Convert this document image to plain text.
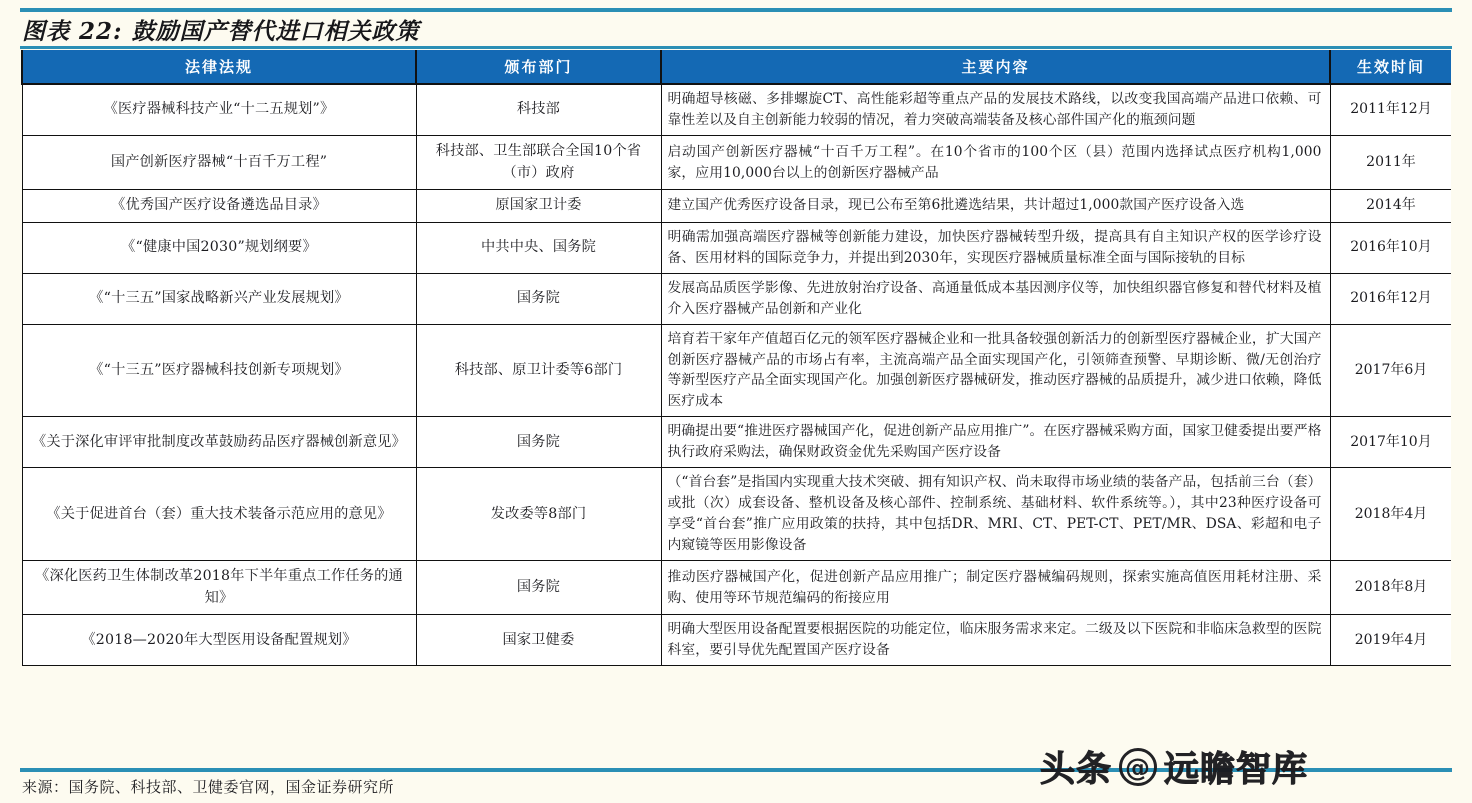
图表 22: 鼓励国产替代进口相关政策
法律法规	颁布部门	主要内容	生效时间
《医疗器械科技产业“十二五规划”》	科技部	明确超导核磁、多排螺旋CT、高性能彩超等重点产品的发展技术路线，以改变我国高端产品进口依赖、可靠性差以及自主创新能力较弱的情况，着力突破高端装备及核心部件国产化的瓶颈问题	2011年12月
国产创新医疗器械“十百千万工程”	科技部、卫生部联合全国10个省（市）政府	启动国产创新医疗器械“十百千万工程”。在10个省市的100个区（县）范围内选择试点医疗机构1,000家，应用10,000台以上的创新医疗器械产品	2011年
《优秀国产医疗设备遴选品目录》	原国家卫计委	建立国产优秀医疗设备目录，现已公布至第6批遴选结果，共计超过1,000款国产医疗设备入选	2014年
《“健康中国2030”规划纲要》	中共中央、国务院	明确需加强高端医疗器械等创新能力建设，加快医疗器械转型升级，提高具有自主知识产权的医学诊疗设备、医用材料的国际竞争力，并提出到2030年，实现医疗器械质量标准全面与国际接轨的目标	2016年10月
《“十三五”国家战略新兴产业发展规划》	国务院	发展高品质医学影像、先进放射治疗设备、高通量低成本基因测序仪等，加快组织器官修复和替代材料及植介入医疗器械产品创新和产业化	2016年12月
《“十三五”医疗器械科技创新专项规划》	科技部、原卫计委等6部门	培育若干家年产值超百亿元的领军医疗器械企业和一批具备较强创新活力的创新型医疗器械企业，扩大国产创新医疗器械产品的市场占有率，主流高端产品全面实现国产化，引领筛查预警、早期诊断、微/无创治疗等新型医疗产品全面实现国产化。加强创新医疗器械研发，推动医疗器械的品质提升，减少进口依赖，降低医疗成本	2017年6月
《关于深化审评审批制度改革鼓励药品医疗器械创新意见》	国务院	明确提出要“推进医疗器械国产化，促进创新产品应用推广”。在医疗器械采购方面，国家卫健委提出要严格执行政府采购法，确保财政资金优先采购国产医疗设备	2017年10月
《关于促进首台（套）重大技术装备示范应用的意见》	发改委等8部门	（“首台套”是指国内实现重大技术突破、拥有知识产权、尚未取得市场业绩的装备产品，包括前三台（套）或批（次）成套设备、整机设备及核心部件、控制系统、基础材料、软件系统等。），其中23种医疗设备可享受“首台套”推广应用政策的扶持，其中包括DR、MRI、CT、PET-CT、PET/MR、DSA、彩超和电子内窥镜等医用影像设备	2018年4月
《深化医药卫生体制改革2018年下半年重点工作任务的通知》	国务院	推动医疗器械国产化，促进创新产品应用推广；制定医疗器械编码规则，探索实施高值医用耗材注册、采购、使用等环节规范编码的衔接应用	2018年8月
《2018—2020年大型医用设备配置规划》	国家卫健委	明确大型医用设备配置要根据医院的功能定位，临床服务需求来定。二级及以下医院和非临床急救型的医院科室，要引导优先配置国产医疗设备	2019年4月
来源：国务院、科技部、卫健委官网，国金证券研究所	头条 @ 远瞻智库
